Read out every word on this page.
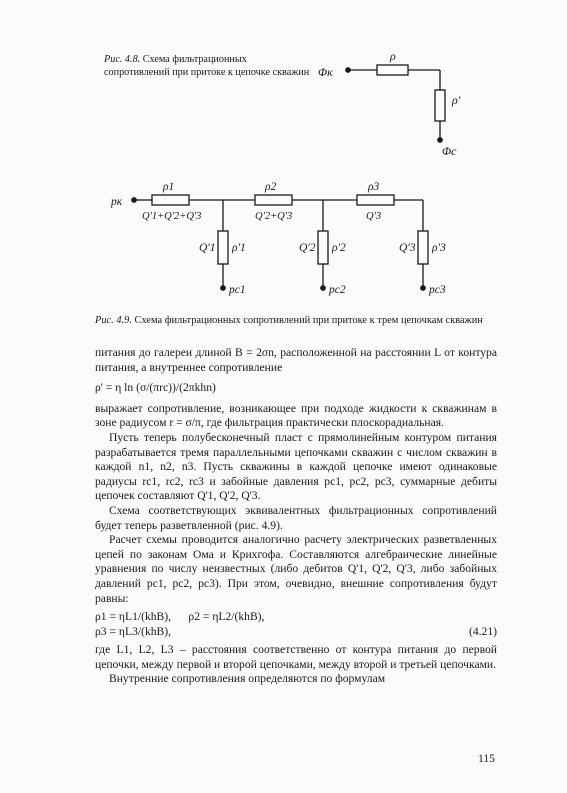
Рис. 4.8. Схема фильтрационных сопротивлений при притоке к цепочке скважин Φк
ρ
ρ'
Φc
pк
ρ1	ρ2	ρ3
Q'1+Q'2+Q'3	Q'2+Q'3	Q'3
Q'1 ρ'1	Q'2 ρ'2	Q'3 ρ'3
pc1	pc2	pc3
Рис. 4.9. Схема фильтрационных сопротивлений при притоке к трем цепочкам скважин

питания до галереи длиной B = 2σn, расположенной на расстоянии L от контура питания, а внутреннее сопротивление

ρ' = η ln (σ/(πrc))/(2πkhn)

выражает сопротивление, возникающее при подходе жидкости к скважинам в зоне радиусом r = σ/π, где фильтрация практически плоскорадиальная.

Пусть теперь полубесконечный пласт с прямолинейным контуром питания разрабатывается тремя параллельными цепочками скважин с числом скважин в каждой n1, n2, n3. Пусть скважины в каждой цепочке имеют одинаковые радиусы rc1, rc2, rc3 и забойные давления pc1, pc2, pc3, суммарные дебиты цепочек составляют Q'1, Q'2, Q'3.

Схема соответствующих эквивалентных фильтрационных сопротивлений будет теперь разветвленной (рис. 4.9).

Расчет схемы проводится аналогично расчету электрических разветвленных цепей по законам Ома и Крихгофа. Составляются алгебраические линейные уравнения по числу неизвестных (либо дебитов Q'1, Q'2, Q'3, либо забойных давлений pc1, pc2, pc3). При этом, очевидно, внешние сопротивления будут равны:

ρ1 = ηL1/(khB),      ρ2 = ηL2/(khB),

ρ3 = ηL3/(khB),	(4.21)

где L1, L2, L3 – расстояния соответственно от контура питания до первой цепочки, между первой и второй цепочками, между второй и третьей цепочками.

Внутренние сопротивления определяются по формулам

115
